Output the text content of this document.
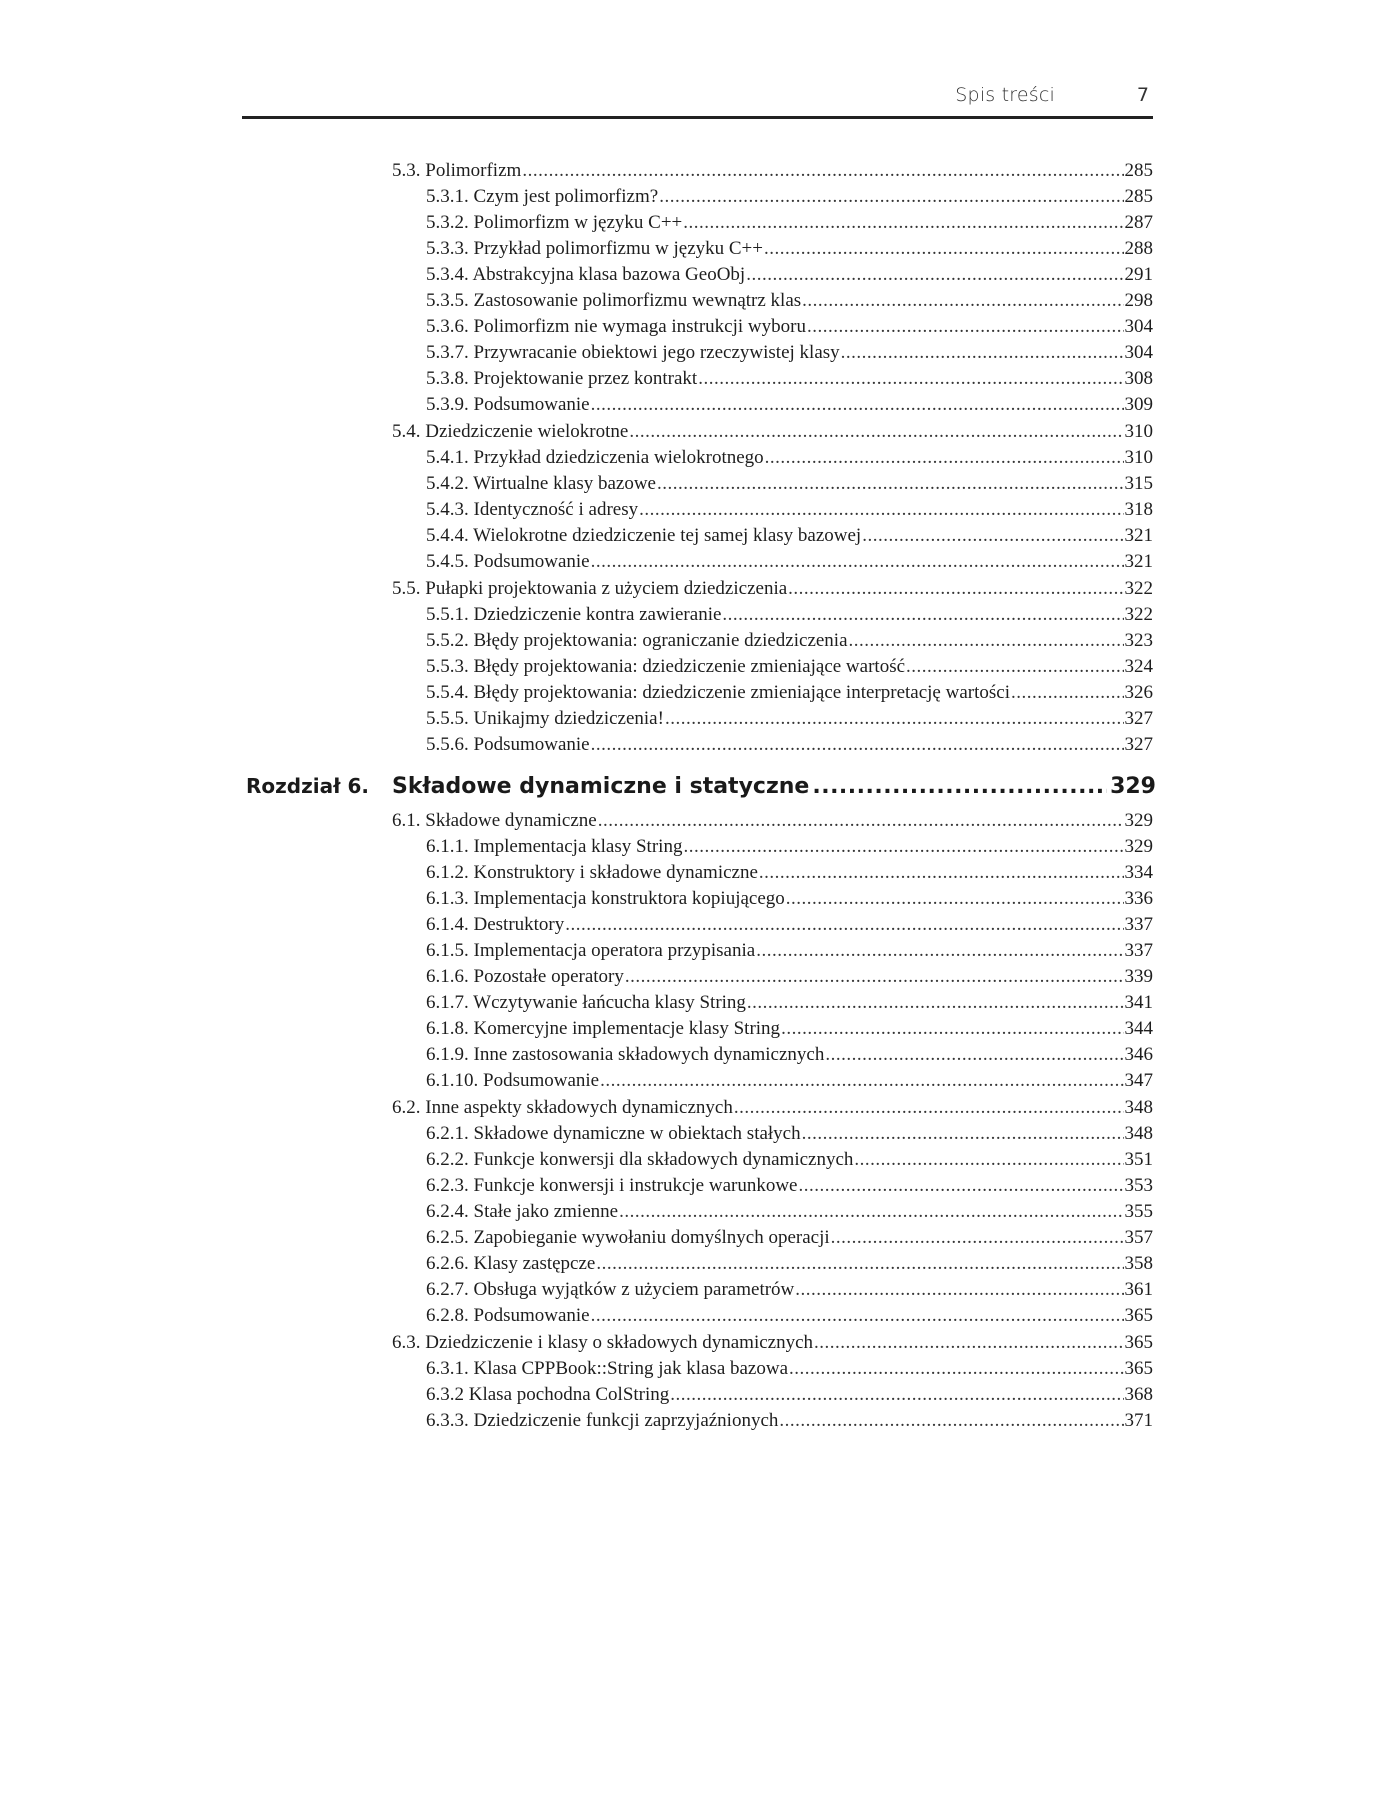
Spis treści	7
5.3. Polimorfizm .....	285
5.3.1. Czym jest polimorfizm? .....	285
5.3.2. Polimorfizm w języku C++ .....	287
5.3.3. Przykład polimorfizmu w języku C++ .....	288
5.3.4. Abstrakcyjna klasa bazowa GeoObj .....	291
5.3.5. Zastosowanie polimorfizmu wewnątrz klas .....	298
5.3.6. Polimorfizm nie wymaga instrukcji wyboru .....	304
5.3.7. Przywracanie obiektowi jego rzeczywistej klasy .....	304
5.3.8. Projektowanie przez kontrakt .....	308
5.3.9. Podsumowanie .....	309
5.4. Dziedziczenie wielokrotne .....	310
5.4.1. Przykład dziedziczenia wielokrotnego .....	310
5.4.2. Wirtualne klasy bazowe .....	315
5.4.3. Identyczność i adresy .....	318
5.4.4. Wielokrotne dziedziczenie tej samej klasy bazowej .....	321
5.4.5. Podsumowanie .....	321
5.5. Pułapki projektowania z użyciem dziedziczenia .....	322
5.5.1. Dziedziczenie kontra zawieranie .....	322
5.5.2. Błędy projektowania: ograniczanie dziedziczenia .....	323
5.5.3. Błędy projektowania: dziedziczenie zmieniające wartość .....	324
5.5.4. Błędy projektowania: dziedziczenie zmieniające interpretację wartości .....	326
5.5.5. Unikajmy dziedziczenia! .....	327
5.5.6. Podsumowanie .....	327
Rozdział 6.	Składowe dynamiczne i statyczne .....	329
6.1. Składowe dynamiczne .....	329
6.1.1. Implementacja klasy String .....	329
6.1.2. Konstruktory i składowe dynamiczne .....	334
6.1.3. Implementacja konstruktora kopiującego .....	336
6.1.4. Destruktory .....	337
6.1.5. Implementacja operatora przypisania .....	337
6.1.6. Pozostałe operatory .....	339
6.1.7. Wczytywanie łańcucha klasy String .....	341
6.1.8. Komercyjne implementacje klasy String .....	344
6.1.9. Inne zastosowania składowych dynamicznych .....	346
6.1.10. Podsumowanie .....	347
6.2. Inne aspekty składowych dynamicznych .....	348
6.2.1. Składowe dynamiczne w obiektach stałych .....	348
6.2.2. Funkcje konwersji dla składowych dynamicznych .....	351
6.2.3. Funkcje konwersji i instrukcje warunkowe .....	353
6.2.4. Stałe jako zmienne .....	355
6.2.5. Zapobieganie wywołaniu domyślnych operacji .....	357
6.2.6. Klasy zastępcze .....	358
6.2.7. Obsługa wyjątków z użyciem parametrów .....	361
6.2.8. Podsumowanie .....	365
6.3. Dziedziczenie i klasy o składowych dynamicznych .....	365
6.3.1. Klasa CPPBook::String jak klasa bazowa .....	365
6.3.2 Klasa pochodna ColString .....	368
6.3.3. Dziedziczenie funkcji zaprzyjaźnionych .....	371
